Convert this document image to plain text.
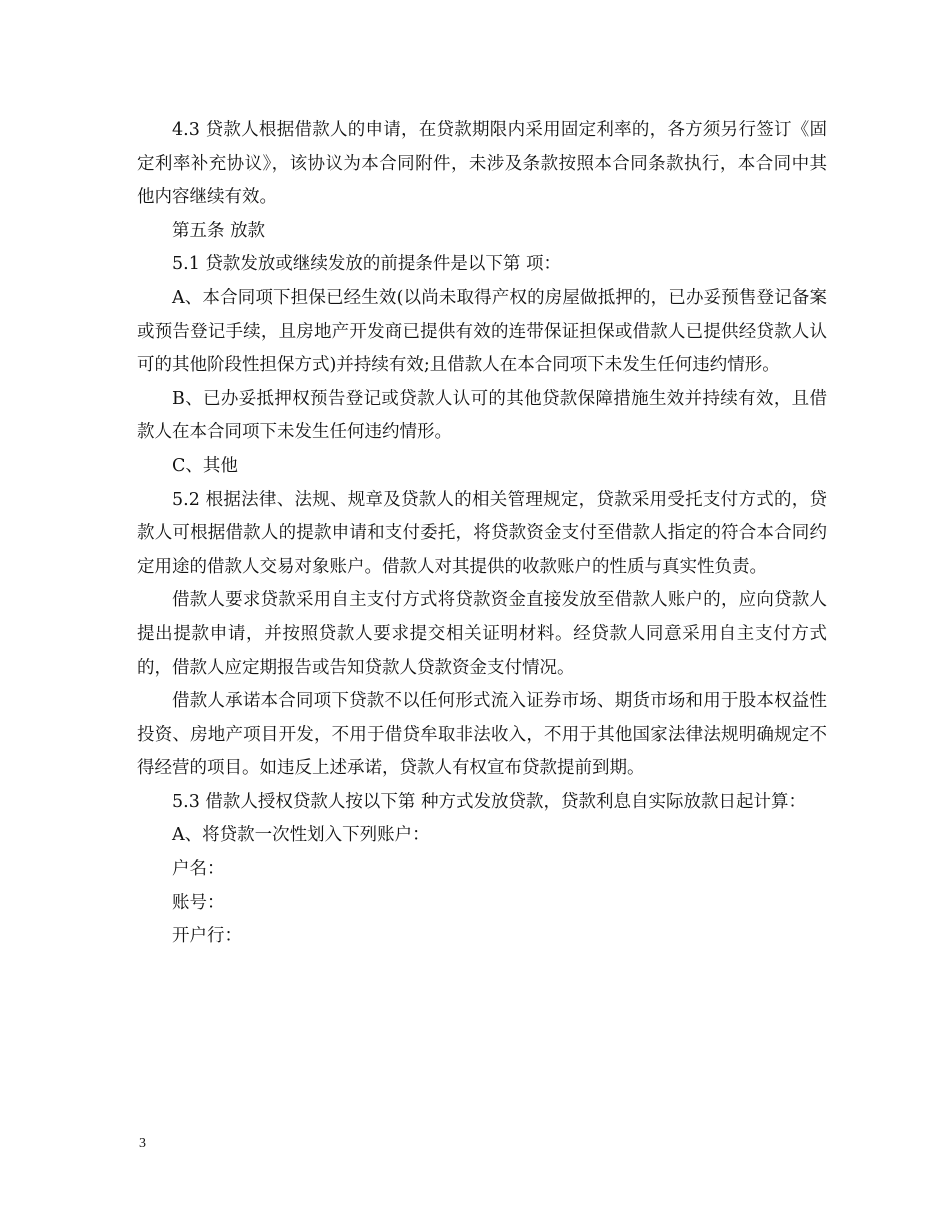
4.3 贷款人根据借款人的申请，在贷款期限内采用固定利率的，各方须另行签订《固定利率补充协议》，该协议为本合同附件，未涉及条款按照本合同条款执行，本合同中其他内容继续有效。

第五条 放款

5.1 贷款发放或继续发放的前提条件是以下第 项：

A、本合同项下担保已经生效(以尚未取得产权的房屋做抵押的，已办妥预售登记备案或预告登记手续，且房地产开发商已提供有效的连带保证担保或借款人已提供经贷款人认可的其他阶段性担保方式)并持续有效;且借款人在本合同项下未发生任何违约情形。

B、已办妥抵押权预告登记或贷款人认可的其他贷款保障措施生效并持续有效，且借款人在本合同项下未发生任何违约情形。

C、其他

5.2 根据法律、法规、规章及贷款人的相关管理规定，贷款采用受托支付方式的，贷款人可根据借款人的提款申请和支付委托，将贷款资金支付至借款人指定的符合本合同约定用途的借款人交易对象账户。借款人对其提供的收款账户的性质与真实性负责。

借款人要求贷款采用自主支付方式将贷款资金直接发放至借款人账户的，应向贷款人提出提款申请，并按照贷款人要求提交相关证明材料。经贷款人同意采用自主支付方式的，借款人应定期报告或告知贷款人贷款资金支付情况。

借款人承诺本合同项下贷款不以任何形式流入证券市场、期货市场和用于股本权益性投资、房地产项目开发，不用于借贷牟取非法收入，不用于其他国家法律法规明确规定不得经营的项目。如违反上述承诺，贷款人有权宣布贷款提前到期。

5.3 借款人授权贷款人按以下第 种方式发放贷款，贷款利息自实际放款日起计算：

A、将贷款一次性划入下列账户：

户名：

账号：

开户行：

3
